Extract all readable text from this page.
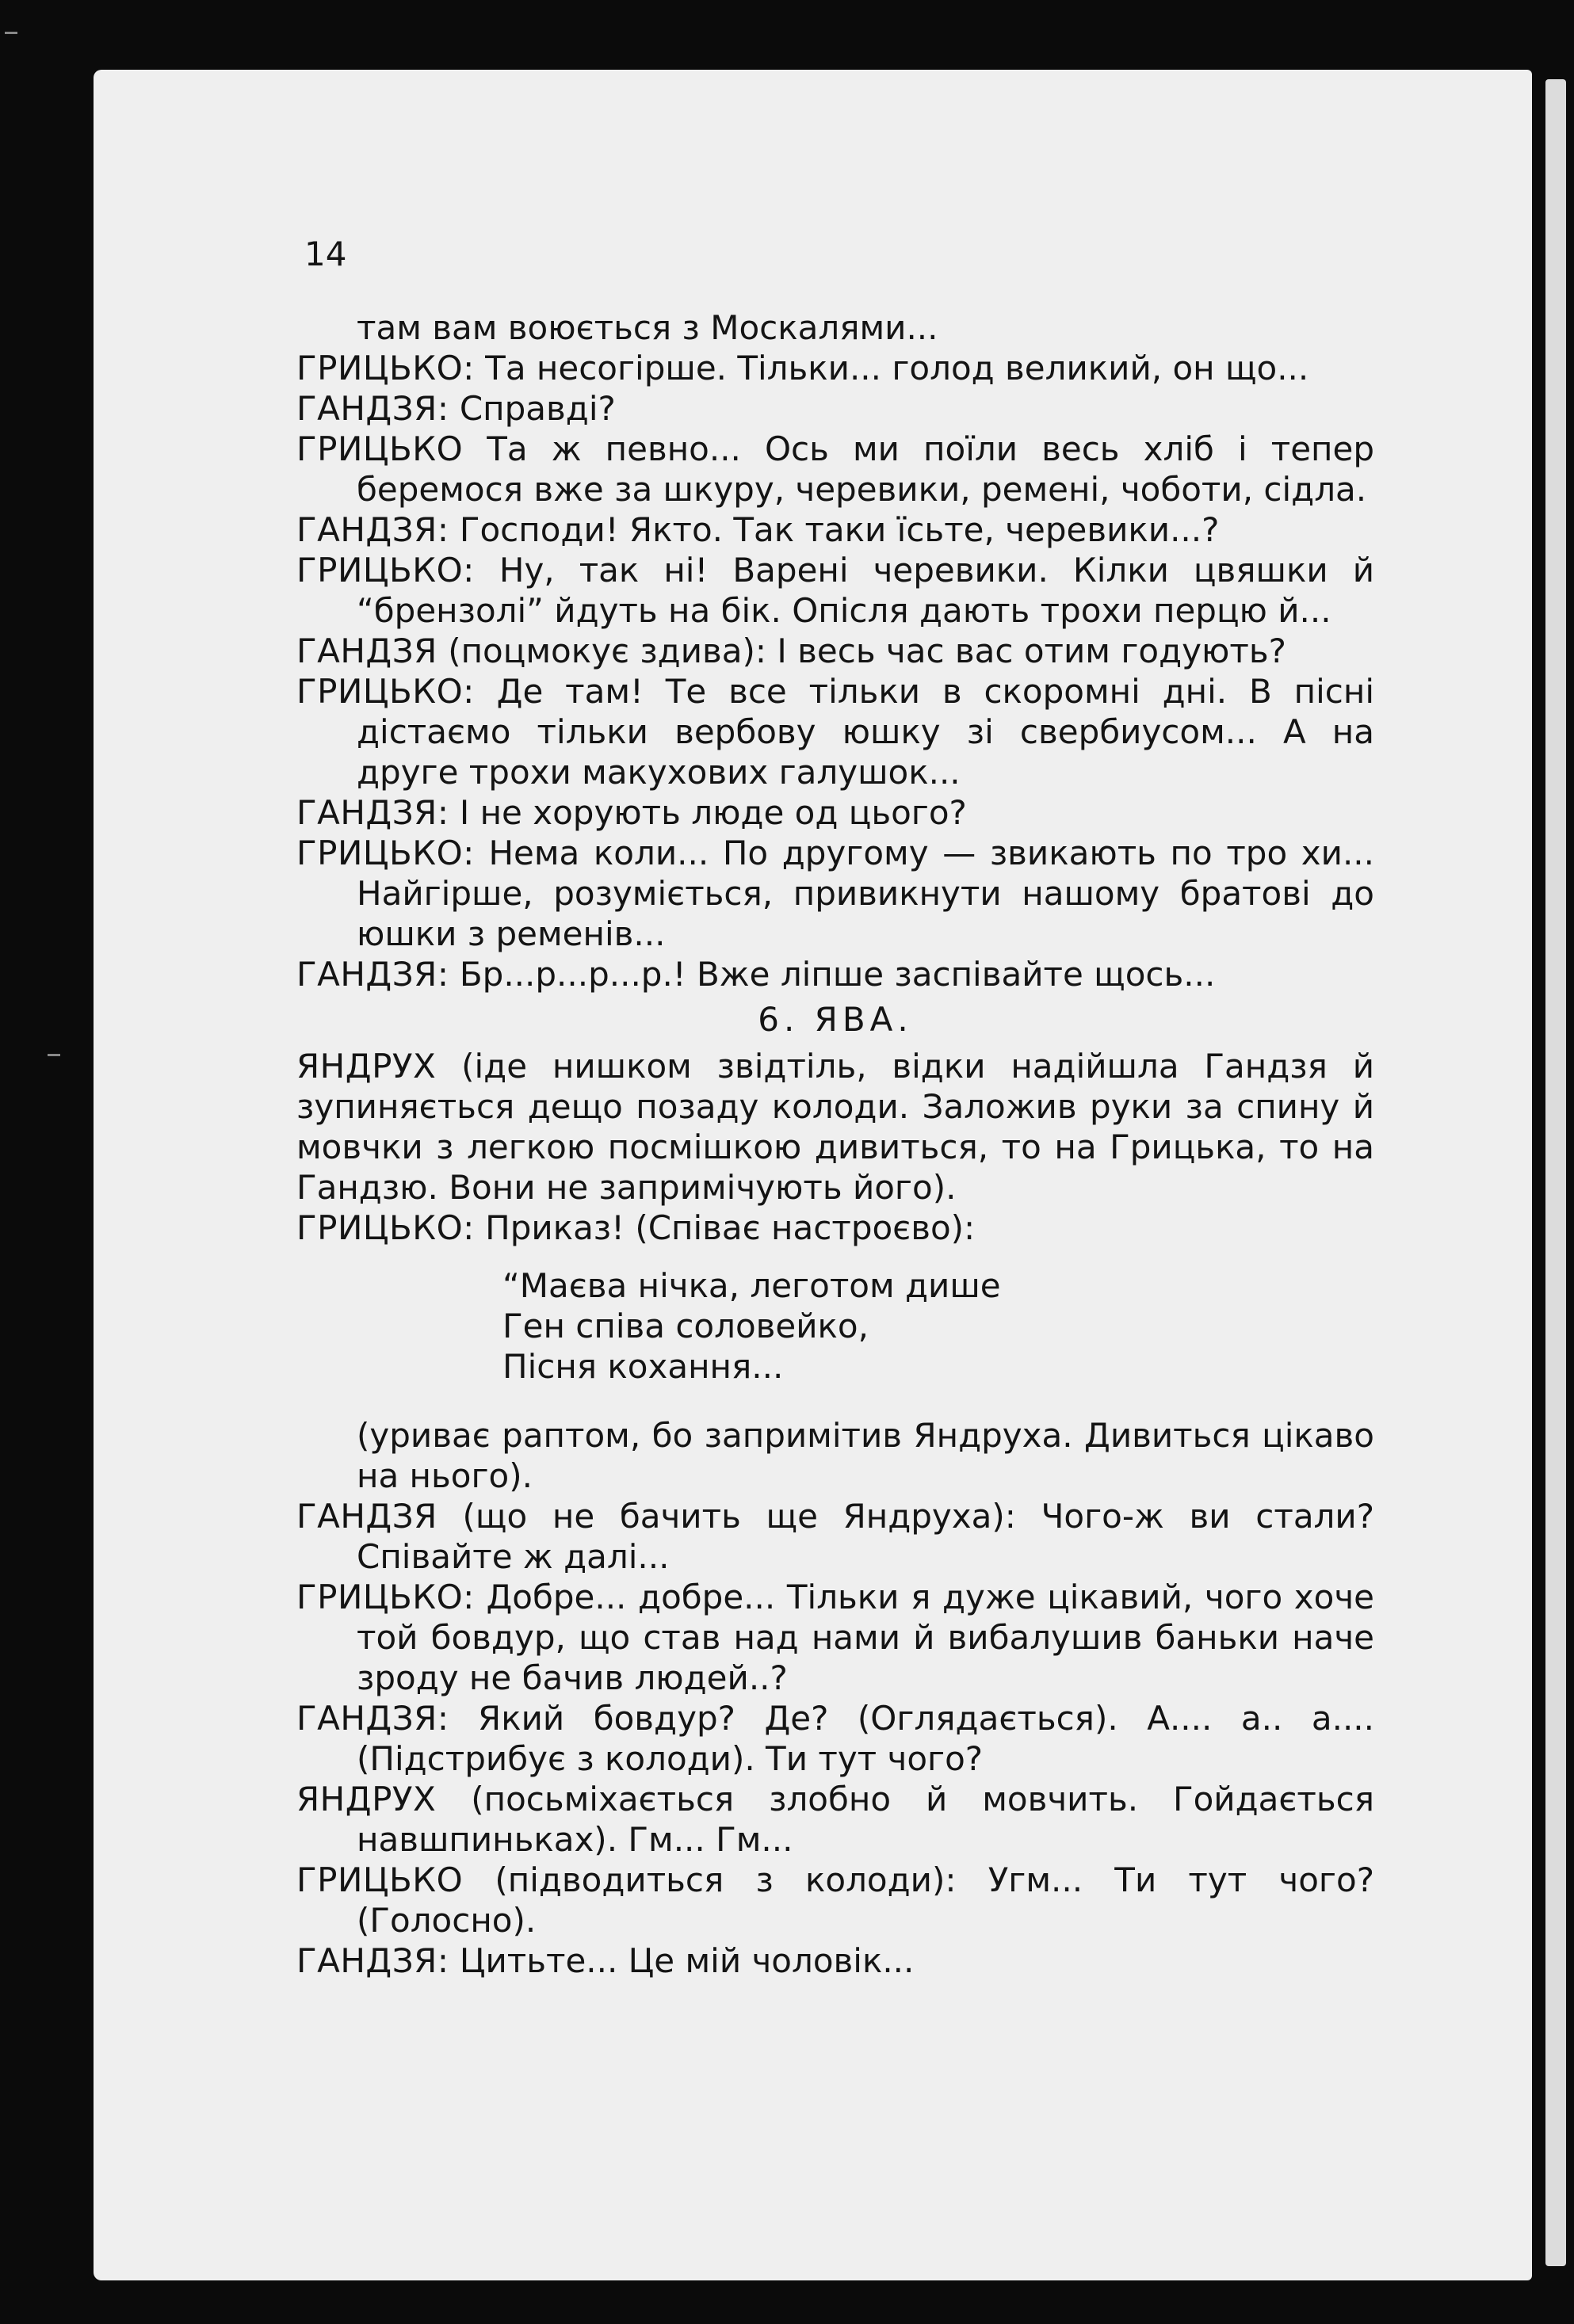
14

там вам воюється з Москалями...

ГРИЦЬКО: Та несогірше. Тільки... голод великий, он що...

ГАНДЗЯ: Справді?

ГРИЦЬКО Та ж певно... Ось ми поїли весь хліб і тепер беремося вже за шкуру, черевики, ремені, чоботи, сідла.

ГАНДЗЯ: Господи! Якто. Так таки їсьте, черевики...?

ГРИЦЬКО: Ну, так ні! Варені черевики. Кілки цвяшки й “брензолі” йдуть на бік. Опісля дають трохи перцю й...

ГАНДЗЯ (поцмокує здива): І весь час вас отим годують?

ГРИЦЬКО: Де там! Те все тільки в скоромні дні. В пісні дістаємо тільки вербову юшку зі свербиусом... А на друге трохи макухових галушок...

ГАНДЗЯ: І не хорують люде од цього?

ГРИЦЬКО: Нема коли... По другому — звикають по тро хи... Найгірше, розуміється, привикнути нашому братові до юшки з ременів...

ГАНДЗЯ: Бр...р...р...р.! Вже ліпше заспівайте щось...

6. ЯВА.

ЯНДРУХ (іде нишком звідтіль, відки надійшла Гандзя й зупиняється дещо позаду колоди. Заложив руки за спину й мовчки з легкою посмішкою дивиться, то на Грицька, то на Гандзю. Вони не запримічують його).

ГРИЦЬКО: Приказ! (Співає настроєво):

“Маєва нічка, леготом дише
Ген співа соловейко,
Пісня кохання...

(уриває раптом, бо запримітив Яндруха. Дивиться цікаво на нього).

ГАНДЗЯ (що не бачить ще Яндруха): Чого-ж ви стали? Співайте ж далі...

ГРИЦЬКО: Добре... добре... Тільки я дуже цікавий, чого хоче той бовдур, що став над нами й вибалушив баньки наче зроду не бачив людей..?

ГАНДЗЯ: Який бовдур? Де? (Оглядається). А.... а.. а.... (Підстрибує з колоди). Ти тут чого?

ЯНДРУХ (посьміхається злобно й мовчить. Гойдається навшпиньках). Гм... Гм...

ГРИЦЬКО (підводиться з колоди): Угм... Ти тут чого? (Голосно).

ГАНДЗЯ: Цитьте... Це мій чоловік...
